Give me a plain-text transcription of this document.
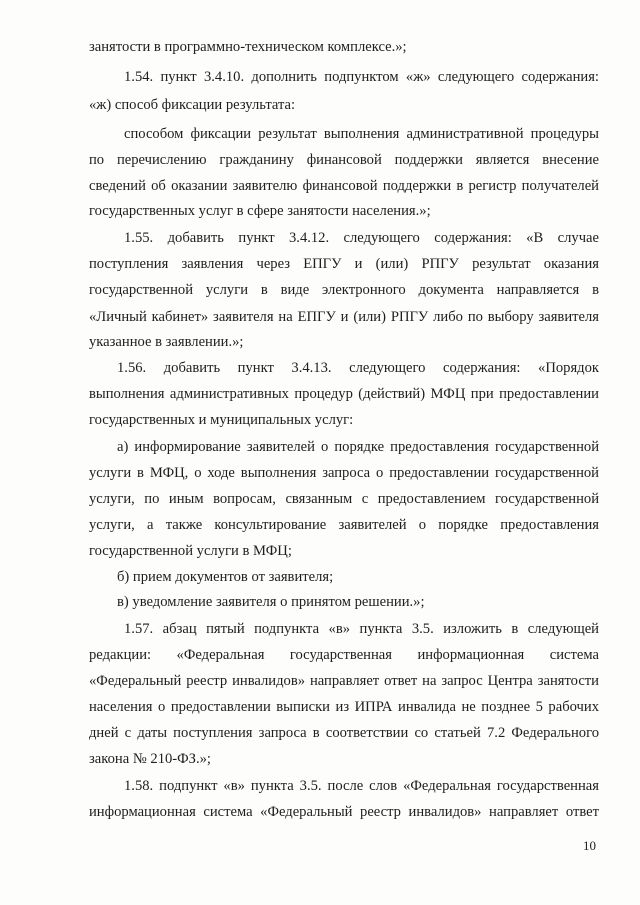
занятости в программно-техническом комплексе.»;
1.54. пункт 3.4.10. дополнить подпунктом «ж» следующего содержания:
«ж) способ фиксации результата:
способом фиксации результат выполнения административной процедуры
по перечислению гражданину финансовой поддержки является внесение
сведений об оказании заявителю финансовой поддержки в регистр получателей
государственных услуг в сфере занятости населения.»;
1.55. добавить пункт 3.4.12. следующего содержания: «В случае
поступления заявления через ЕПГУ и (или) РПГУ результат оказания
государственной услуги в виде электронного документа направляется в
«Личный кабинет» заявителя на ЕПГУ и (или) РПГУ либо по выбору заявителя
указанное в заявлении.»;
1.56. добавить пункт 3.4.13. следующего содержания: «Порядок
выполнения административных процедур (действий) МФЦ при предоставлении
государственных и муниципальных услуг:
а) информирование заявителей о порядке предоставления государственной
услуги в МФЦ, о ходе выполнения запроса о предоставлении государственной
услуги, по иным вопросам, связанным с предоставлением государственной
услуги, а также консультирование заявителей о порядке предоставления
государственной услуги в МФЦ;
б) прием документов от заявителя;
в) уведомление заявителя о принятом решении.»;
1.57. абзац пятый подпункта «в» пункта 3.5. изложить в следующей
редакции: «Федеральная государственная информационная система
«Федеральный реестр инвалидов» направляет ответ на запрос Центра занятости
населения о предоставлении выписки из ИПРА инвалида не позднее 5 рабочих
дней с даты поступления запроса в соответствии со статьей 7.2 Федерального
закона № 210-ФЗ.»;
1.58. подпункт «в» пункта 3.5. после слов «Федеральная государственная
информационная система «Федеральный реестр инвалидов» направляет ответ
10
